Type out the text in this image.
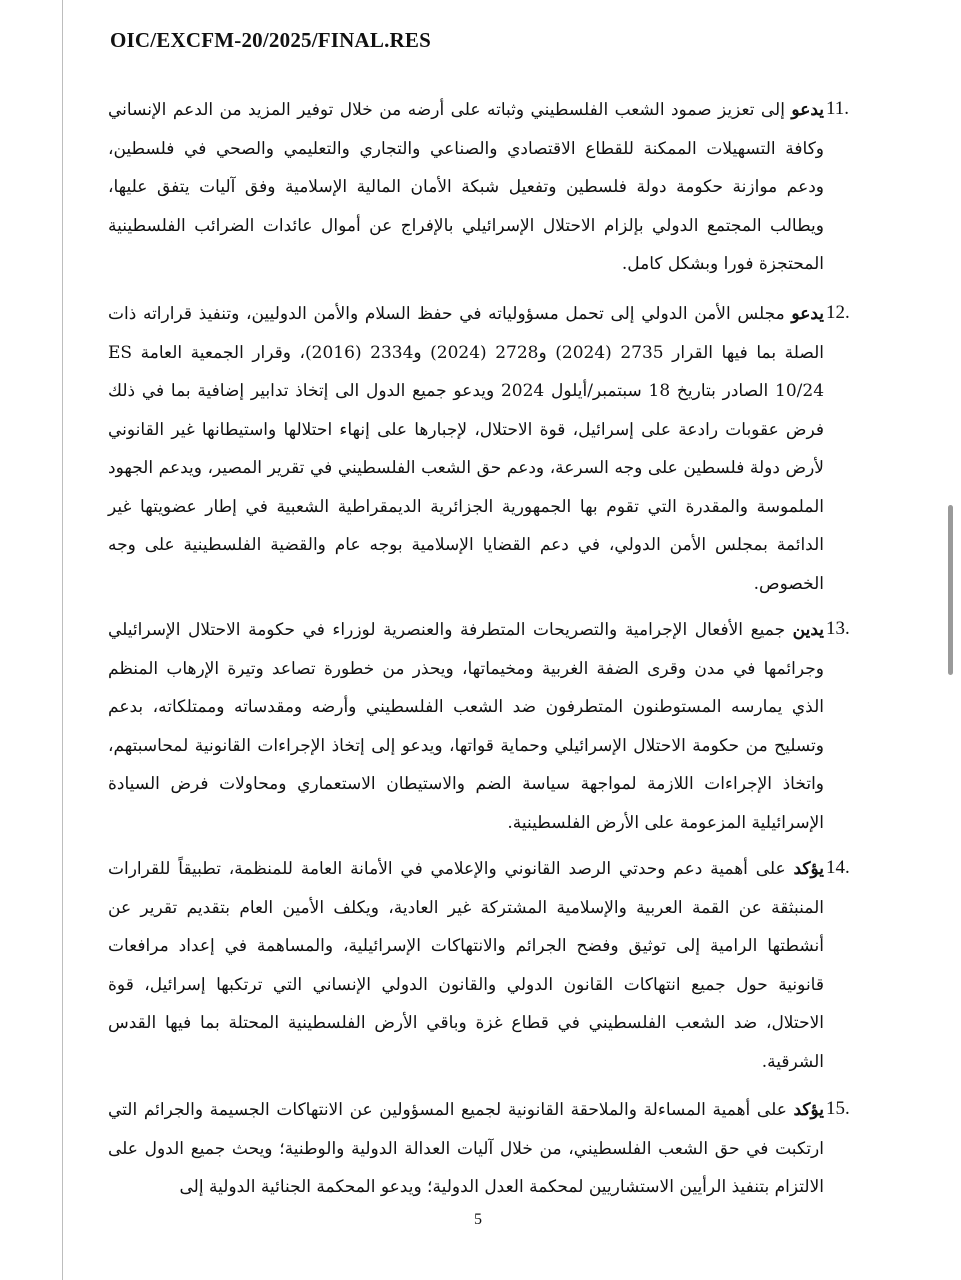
OIC/EXCFM-20/2025/FINAL.RES
11.
يدعو إلى تعزيز صمود الشعب الفلسطيني وثباته على أرضه من خلال توفير المزيد من الدعم الإنساني وكافة التسهيلات الممكنة للقطاع الاقتصادي والصناعي والتجاري والتعليمي والصحي في فلسطين، ودعم موازنة حكومة دولة فلسطين وتفعيل شبكة الأمان المالية الإسلامية وفق آليات يتفق عليها، ويطالب المجتمع الدولي بإلزام الاحتلال الإسرائيلي بالإفراج عن أموال عائدات الضرائب الفلسطينية المحتجزة فورا وبشكل كامل.
12.
يدعو مجلس الأمن الدولي إلى تحمل مسؤولياته في حفظ السلام والأمن الدوليين، وتنفيذ قراراته ذات الصلة بما فيها القرار 2735 (2024) و2728 (2024) و2334 (2016)، وقرار الجمعية العامة ES 10/24 الصادر بتاريخ 18 سبتمبر/أيلول 2024 ويدعو جميع الدول الى إتخاذ تدابير إضافية بما في ذلك فرض عقوبات رادعة على إسرائيل، قوة الاحتلال، لإجبارها على إنهاء احتلالها واستيطانها غير القانوني لأرض دولة فلسطين على وجه السرعة، ودعم حق الشعب الفلسطيني في تقرير المصير، ويدعم الجهود الملموسة والمقدرة التي تقوم بها الجمهورية الجزائرية الديمقراطية الشعبية في إطار عضويتها غير الدائمة بمجلس الأمن الدولي، في دعم القضايا الإسلامية بوجه عام والقضية الفلسطينية على وجه الخصوص.
13.
يدين جميع الأفعال الإجرامية والتصريحات المتطرفة والعنصرية لوزراء في حكومة الاحتلال الإسرائيلي وجرائمها في مدن وقرى الضفة الغربية ومخيماتها، ويحذر من خطورة تصاعد وتيرة الإرهاب المنظم الذي يمارسه المستوطنون المتطرفون ضد الشعب الفلسطيني وأرضه ومقدساته وممتلكاته، بدعم وتسليح من حكومة الاحتلال الإسرائيلي وحماية قواتها، ويدعو إلى إتخاذ الإجراءات القانونية لمحاسبتهم، واتخاذ الإجراءات اللازمة لمواجهة سياسة الضم والاستيطان الاستعماري ومحاولات فرض السيادة الإسرائيلية المزعومة على الأرض الفلسطينية.
14.
يؤكد على أهمية دعم وحدتي الرصد القانوني والإعلامي في الأمانة العامة للمنظمة، تطبيقاً للقرارات المنبثقة عن القمة العربية والإسلامية المشتركة غير العادية، ويكلف الأمين العام بتقديم تقرير عن أنشطتها الرامية إلى توثيق وفضح الجرائم والانتهاكات الإسرائيلية، والمساهمة في إعداد مرافعات قانونية حول جميع انتهاكات القانون الدولي والقانون الدولي الإنساني التي ترتكبها إسرائيل، قوة الاحتلال، ضد الشعب الفلسطيني في قطاع غزة وباقي الأرض الفلسطينية المحتلة بما فيها القدس الشرقية.
15.
يؤكد على أهمية المساءلة والملاحقة القانونية لجميع المسؤولين عن الانتهاكات الجسيمة والجرائم التي ارتكبت في حق الشعب الفلسطيني، من خلال آليات العدالة الدولية والوطنية؛ ويحث جميع الدول على الالتزام بتنفيذ الرأيين الاستشاريين لمحكمة العدل الدولية؛ ويدعو المحكمة الجنائية الدولية إلى
5
